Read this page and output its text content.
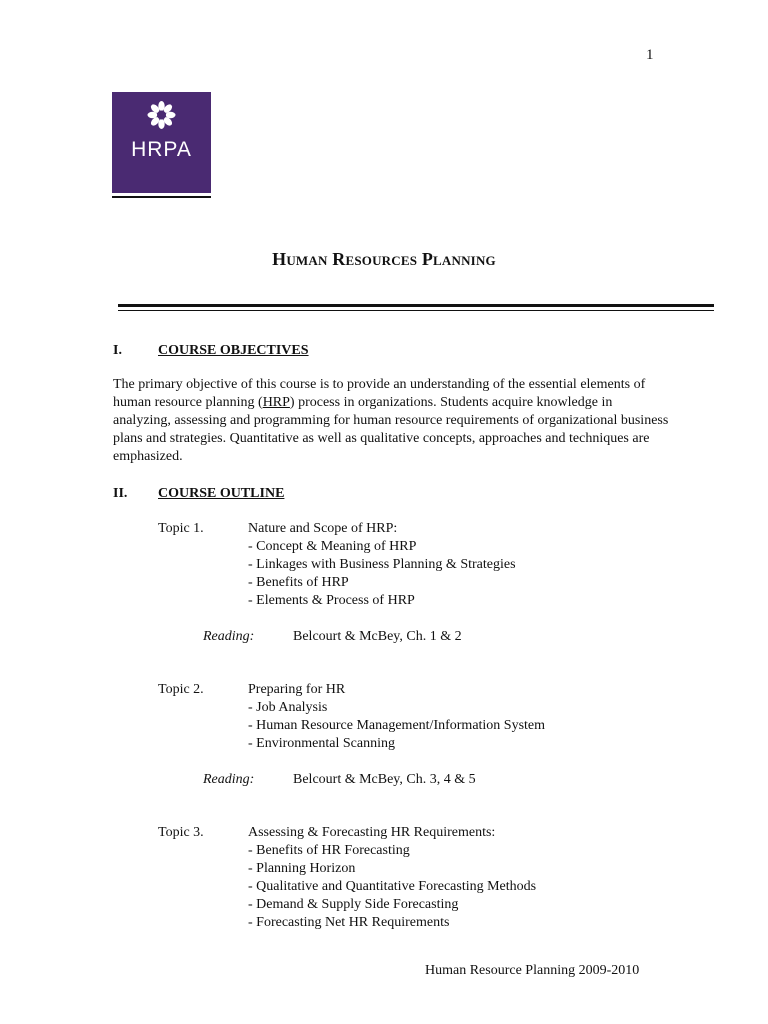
1
HRPA
Human Resources Planning
I.	COURSE OBJECTIVES

The primary objective of this course is to provide an understanding of the essential elements of human resource planning (HRP) process in organizations. Students acquire knowledge in analyzing, assessing and programming for human resource requirements of organizational business plans and strategies. Quantitative as well as qualitative concepts, approaches and techniques are emphasized.

II. COURSE OUTLINE
Topic 1.	Nature and Scope of HRP:
- Concept & Meaning of HRP
- Linkages with Business Planning & Strategies
- Benefits of HRP
- Elements & Process of HRP
Reading:	Belcourt & McBey, Ch. 1 & 2
Topic 2.	Preparing for HR
- Job Analysis
- Human Resource Management/Information System
- Environmental Scanning
Reading:	Belcourt & McBey, Ch. 3, 4 & 5
Topic 3.	Assessing & Forecasting HR Requirements:
- Benefits of HR Forecasting
- Planning Horizon
- Qualitative and Quantitative Forecasting Methods
- Demand & Supply Side Forecasting
- Forecasting Net HR Requirements
Human Resource Planning 2009-2010
